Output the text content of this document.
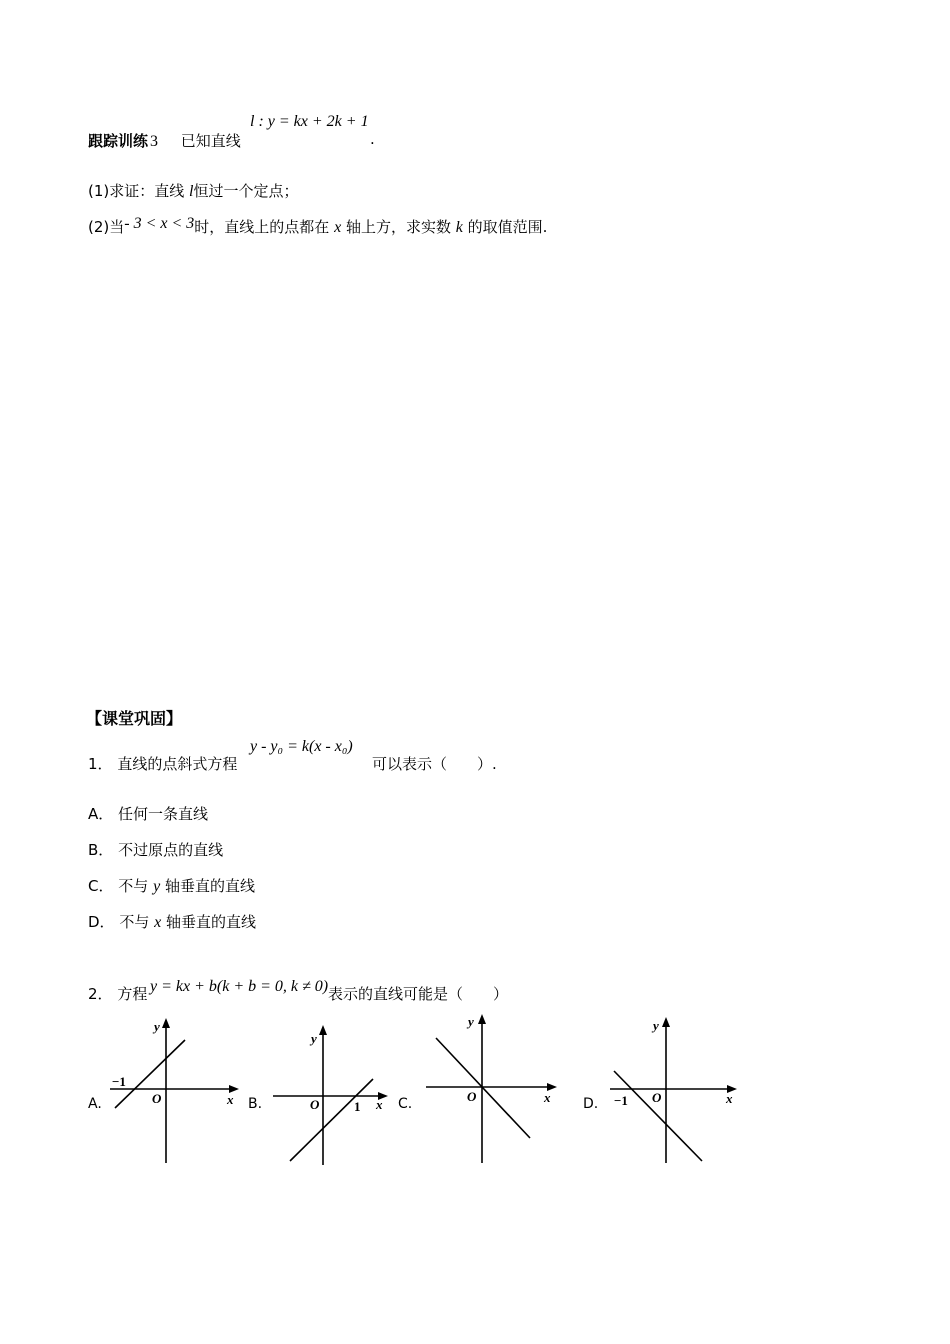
跟踪训练 3 已知直线
l : y = kx + 2k + 1
.
(1)求证：直线 l恒过一个定点；
(2)当- 3 < x < 3时，直线上的点都在 x 轴上方，求实数 k 的取值范围.
【课堂巩固】
1． 直线的点斜式方程
y - y₀ = k(x - x₀)
可以表示（　　）.
A． 任何一条直线
B． 不过原点的直线
C． 不与 y 轴垂直的直线
D． 不与 x 轴垂直的直线
2． 方程 y = kx + b(k + b = 0, k ≠ 0) 表示的直线可能是（　　）
A.	B.	C.	D.
y
x
O
−1
y
x
O	1
y
x
O
y
x
O
−1
